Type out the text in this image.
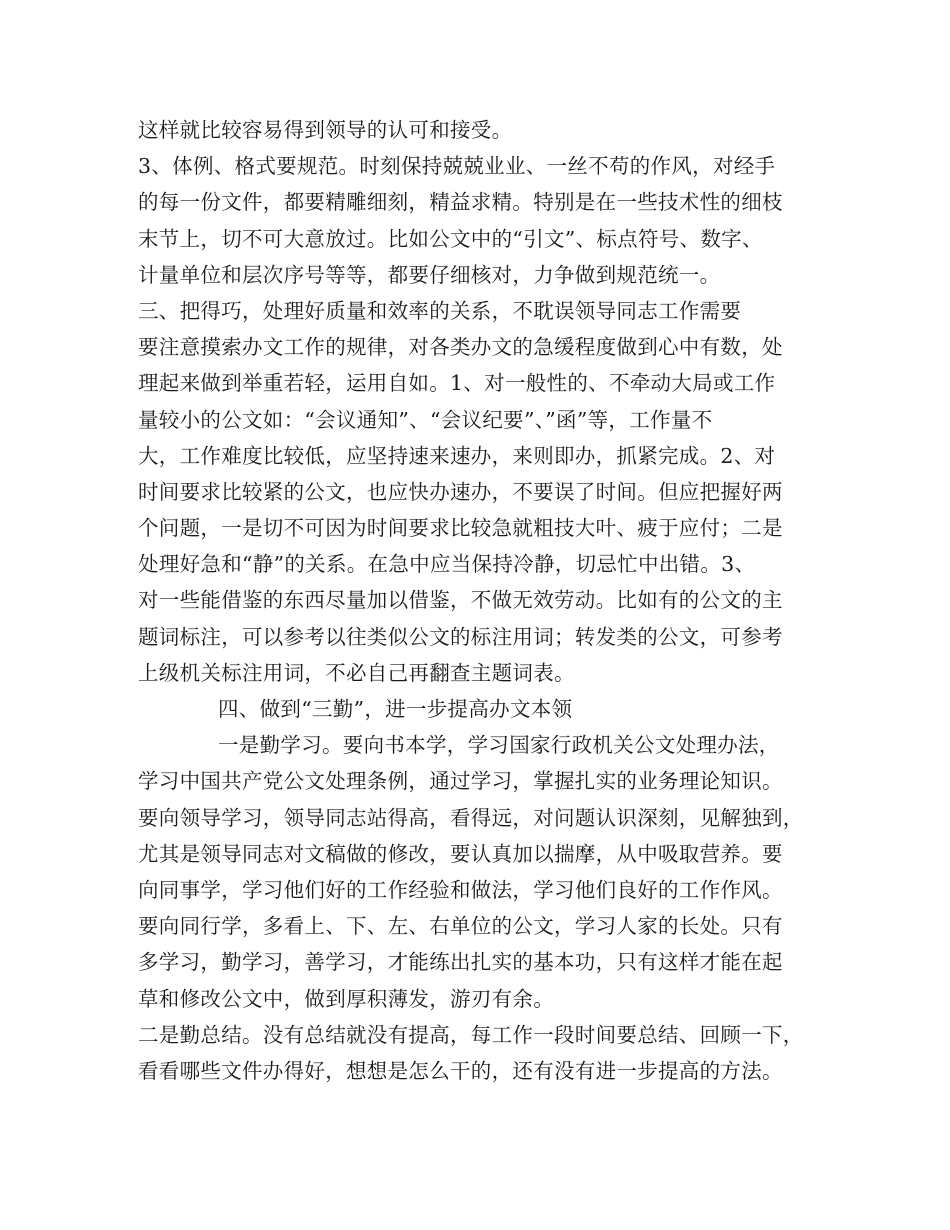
这样就比较容易得到领导的认可和接受。
3、体例、格式要规范。时刻保持兢兢业业、一丝不苟的作风，对经手
的每一份文件，都要精雕细刻，精益求精。特别是在一些技术性的细枝
末节上，切不可大意放过。比如公文中的“引文”、标点符号、数字、
计量单位和层次序号等等，都要仔细核对，力争做到规范统一。
三、把得巧，处理好质量和效率的关系，不耽误领导同志工作需要
要注意摸索办文工作的规律，对各类办文的急缓程度做到心中有数，处
理起来做到举重若轻，运用自如。1、对一般性的、不牵动大局或工作
量较小的公文如：“会议通知”、“会议纪要”、”函”等，工作量不
大，工作难度比较低，应坚持速来速办，来则即办，抓紧完成。2、对
时间要求比较紧的公文，也应快办速办，不要误了时间。但应把握好两
个问题，一是切不可因为时间要求比较急就粗技大叶、疲于应付；二是
处理好急和“静”的关系。在急中应当保持冷静，切忌忙中出错。3、
对一些能借鉴的东西尽量加以借鉴，不做无效劳动。比如有的公文的主
题词标注，可以参考以往类似公文的标注用词；转发类的公文，可参考
上级机关标注用词，不必自己再翻查主题词表。
四、做到“三勤”，进一步提高办文本领
一是勤学习。要向书本学，学习国家行政机关公文处理办法，
学习中国共产党公文处理条例，通过学习，掌握扎实的业务理论知识。
要向领导学习，领导同志站得高，看得远，对问题认识深刻，见解独到，
尤其是领导同志对文稿做的修改，要认真加以揣摩，从中吸取营养。要
向同事学，学习他们好的工作经验和做法，学习他们良好的工作作风。
要向同行学，多看上、下、左、右单位的公文，学习人家的长处。只有
多学习，勤学习，善学习，才能练出扎实的基本功，只有这样才能在起
草和修改公文中，做到厚积薄发，游刃有余。
二是勤总结。没有总结就没有提高，每工作一段时间要总结、回顾一下，
看看哪些文件办得好，想想是怎么干的，还有没有进一步提高的方法。
